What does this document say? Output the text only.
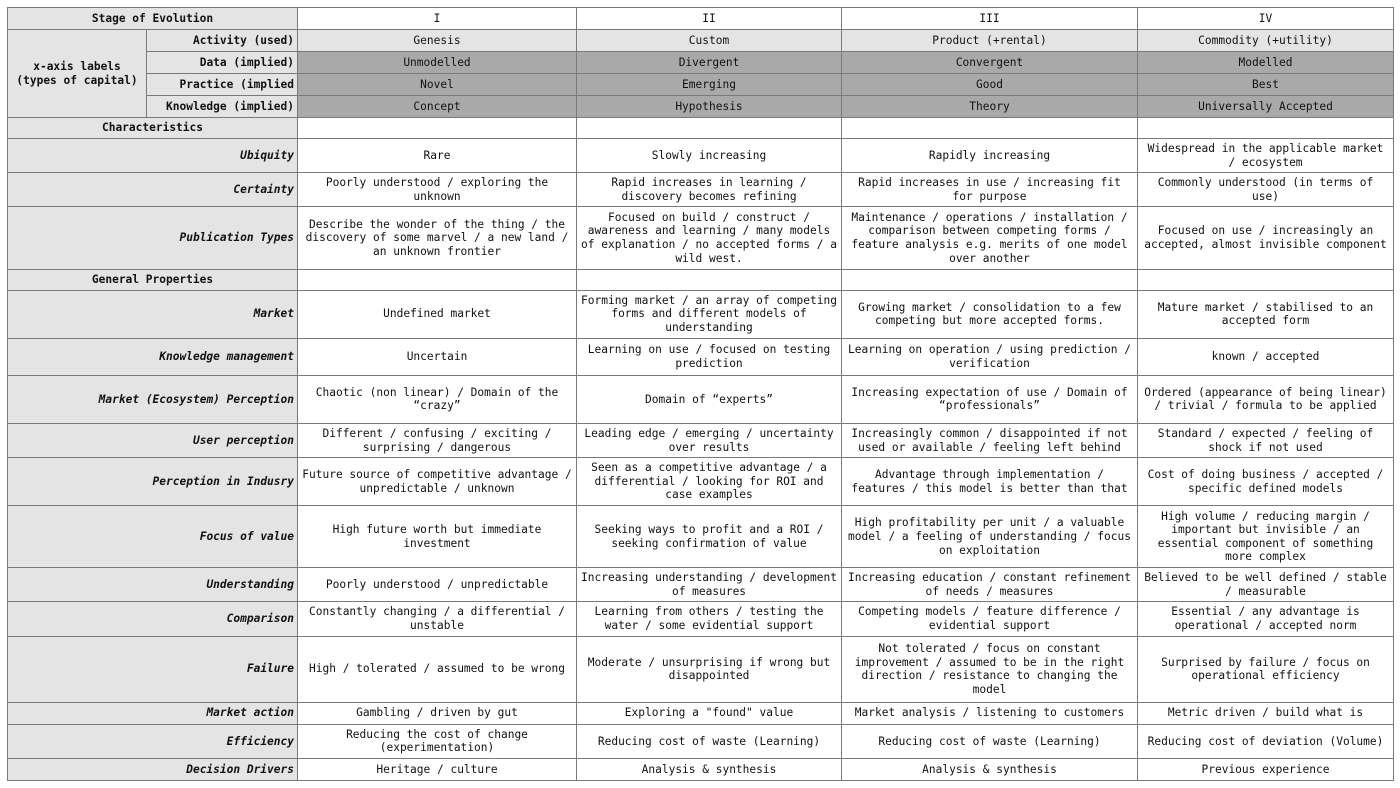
Stage of Evolution		I	II	III	IV
x-axis labels
(types of capital)	Activity (used)	Genesis	Custom	Product (+rental)	Commodity (+utility)
	Data (implied)	Unmodelled	Divergent	Convergent	Modelled
	Practice (implied	Novel	Emerging	Good	Best
	Knowledge (implied)	Concept	Hypothesis	Theory	Universally Accepted
Characteristics					
Ubiquity		Rare	Slowly increasing	Rapidly increasing	Widespread in the applicable market / ecosystem
Certainty		Poorly understood / exploring the unknown	Rapid increases in learning / discovery becomes refining	Rapid increases in use / increasing fit for purpose	Commonly understood (in terms of use)
Publication Types		Describe the wonder of the thing / the discovery of some marvel / a new land / an unknown frontier	Focused on build / construct / awareness and learning / many models of explanation / no accepted forms / a wild west.	Maintenance / operations / installation / comparison between competing forms / feature analysis e.g. merits of one model over another	Focused on use / increasingly an accepted, almost invisible component
General Properties					
Market		Undefined market	Forming market / an array of competing forms and different models of understanding	Growing market / consolidation to a few competing but more accepted forms.	Mature market / stabilised to an accepted form
Knowledge management		Uncertain	Learning on use / focused on testing prediction	Learning on operation / using prediction / verification	known / accepted
Market (Ecosystem) Perception		Chaotic (non linear) / Domain of the “crazy”	Domain of “experts”	Increasing expectation of use / Domain of “professionals”	Ordered (appearance of being linear) / trivial / formula to be applied
User perception		Different / confusing / exciting / surprising / dangerous	Leading edge / emerging / uncertainty over results	Increasingly common / disappointed if not used or available / feeling left behind	Standard / expected / feeling of shock if not used
Perception in Indusry		Future source of competitive advantage / unpredictable / unknown	Seen as a competitive advantage / a differential / looking for ROI and case examples	Advantage through implementation / features / this model is better than that	Cost of doing business / accepted / specific defined models
Focus of value		High future worth but immediate investment	Seeking ways to profit and a ROI / seeking confirmation of value	High profitability per unit / a valuable model / a feeling of understanding / focus on exploitation	High volume / reducing margin / important but invisible / an essential component of something more complex
Understanding		Poorly understood / unpredictable	Increasing understanding / development of measures	Increasing education / constant refinement of needs / measures	Believed to be well defined / stable / measurable
Comparison		Constantly changing / a differential / unstable	Learning from others / testing the water / some evidential support	Competing models / feature difference / evidential support	Essential / any advantage is operational / accepted norm
Failure		High / tolerated / assumed to be wrong	Moderate / unsurprising if wrong but disappointed	Not tolerated / focus on constant improvement / assumed to be in the right direction / resistance to changing the model	Surprised by failure / focus on operational efficiency
Market action		Gambling / driven by gut	Exploring a "found" value	Market analysis / listening to customers	Metric driven / build what is
Efficiency		Reducing the cost of change (experimentation)	Reducing cost of waste (Learning)	Reducing cost of waste (Learning)	Reducing cost of deviation (Volume)
Decision Drivers		Heritage / culture	Analysis & synthesis	Analysis & synthesis	Previous experience
